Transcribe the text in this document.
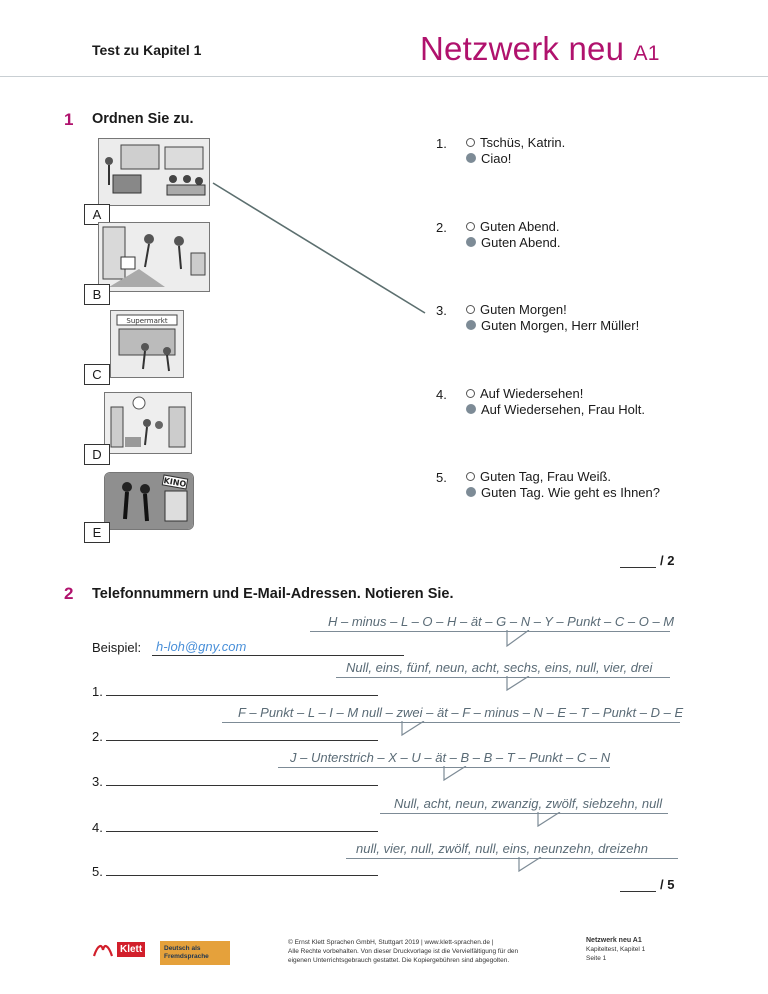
Test zu Kapitel 1	Netzwerk neu A1
1 Ordnen Sie zu.
A
B
Supermarkt
C
D
KINO
E
1.	Tschüs, Katrin.
Ciao!
2.	Guten Abend.
Guten Abend.
3.	Guten Morgen!
Guten Morgen, Herr Müller!
4.	Auf Wiedersehen!
Auf Wiedersehen, Frau Holt.
5.	Guten Tag, Frau Weiß.
Guten Tag. Wie geht es Ihnen?
/ 2
2 Telefonnummern und E-Mail-Adressen. Notieren Sie.
H – minus – L – O – H – ät – G – N – Y – Punkt – C – O – M
Beispiel: h-loh@gny.com
Null, eins, fünf, neun, acht, sechs, eins, null, vier, drei
1.
F – Punkt – L – I – M null – zwei – ät – F – minus – N – E – T – Punkt – D – E
2.
J – Unterstrich – X – U – ät – B – B – T – Punkt – C – N
3.
Null, acht, neun, zwanzig, zwölf, siebzehn, null
4.
null, vier, null, zwölf, null, eins, neunzehn, dreizehn
5.
/ 5
Klett	Deutsch als
Fremdsprache
© Ernst Klett Sprachen GmbH, Stuttgart 2019 | www.klett-sprachen.de |
Alle Rechte vorbehalten. Von dieser Druckvorlage ist die Vervielfältigung für den
eigenen Unterrichtsgebrauch gestattet. Die Kopiergebühren sind abgegolten.
Netzwerk neu A1
Kapiteltest, Kapitel 1
Seite 1
